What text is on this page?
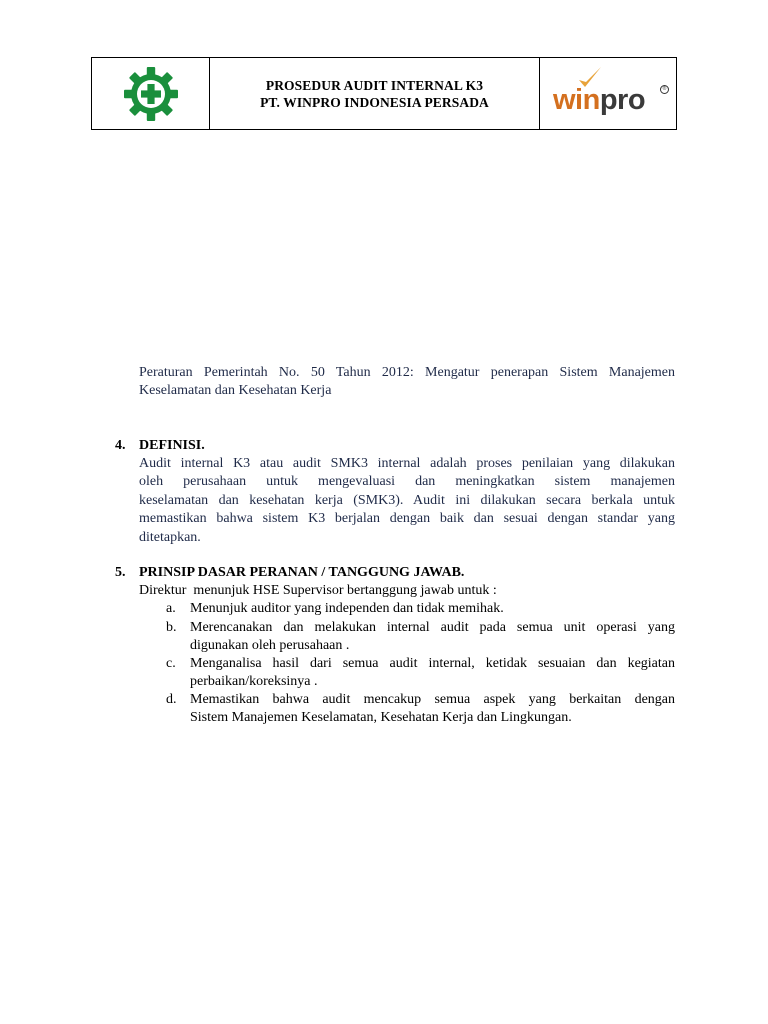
PROSEDUR AUDIT INTERNAL K3
PT. WINPRO INDONESIA PERSADA win pro	®
Peraturan Pemerintah No. 50 Tahun 2012: Mengatur penerapan Sistem Manajemen
Keselamatan dan Kesehatan Kerja
4. DEFINISI.
Audit internal K3 atau audit SMK3 internal adalah proses penilaian yang dilakukan
oleh perusahaan untuk mengevaluasi dan meningkatkan sistem manajemen
keselamatan dan kesehatan kerja (SMK3). Audit ini dilakukan secara berkala untuk
memastikan bahwa sistem K3 berjalan dengan baik dan sesuai dengan standar yang
ditetapkan.
5. PRINSIP DASAR PERANAN / TANGGUNG JAWAB.
Direktur  menunjuk HSE Supervisor bertanggung jawab untuk :
a. Menunjuk auditor yang independen dan tidak memihak.
b. Merencanakan dan melakukan internal audit pada semua unit operasi yang
digunakan oleh perusahaan .
c. Menganalisa hasil dari semua audit internal, ketidak sesuaian dan kegiatan
perbaikan/koreksinya .
d. Memastikan bahwa audit mencakup semua aspek yang berkaitan dengan
Sistem Manajemen Keselamatan, Kesehatan Kerja dan Lingkungan.
